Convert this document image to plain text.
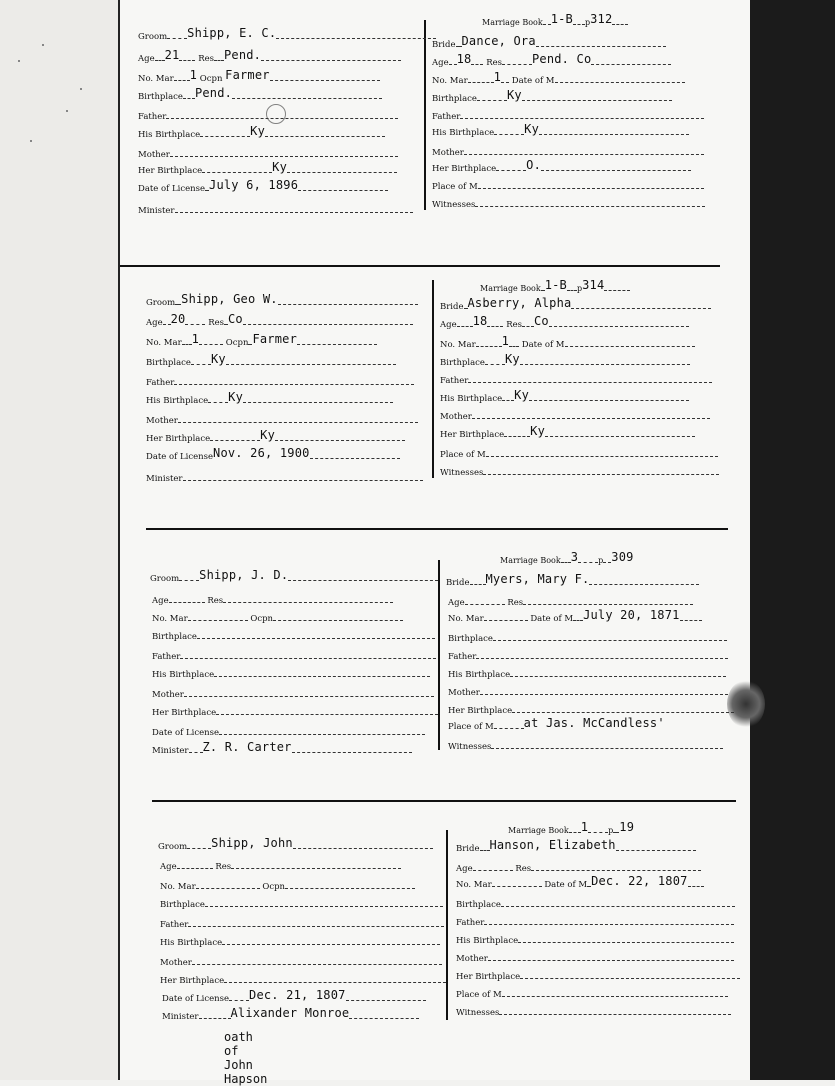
Groom Shipp, E. C.
Age 21 Res Pend.
No. Mar 1 Ocpn Farmer
Birthplace Pend.
Father
His Birthplace	Ky
Mother
Her Birthplace	Ky
Date of License July 6, 1896
Minister
Marriage Book 1-B p312
Bride Dance, Ora
Age 18 Res	Pend. Co
No. Mar 1 Date of M
Birthplace	Ky
Father
His Birthplace	Ky
Mother
Her Birthplace	O.
Place of M
Witnesses
Groom Shipp, Geo W.
Age 20	Res Co
No. Mar 1	Ocpn Farmer
Birthplace Ky
Father
His Birthplace Ky
Mother
Her Birthplace	Ky
Date of LicenseNov. 26, 1900
Minister
Marriage Book 1-B p314
Bride Asberry, Alpha
Age 18 Res Co
No. Mar 1 Date of M
Birthplace Ky
Father
His Birthplace Ky
Mother
Her Birthplace Ky
Place of M
Witnesses
Groom Shipp, J. D.
Age	Res
No. Mar	Ocpn
Birthplace
Father
His Birthplace
Mother
Her Birthplace
Date of License
Minister Z. R. Carter
Marriage Book 3	p 309
Bride Myers, Mary F.
Age	Res
No. Mar	Date of M July 20, 1871
Birthplace
Father
His Birthplace
Mother
Her Birthplace
Place of M	at Jas. McCandless'
Witnesses
Groom Shipp, John
Age	Res
No. Mar	Ocpn
Birthplace
Father
His Birthplace
Mother
Her Birthplace
Date of License Dec. 21, 1807
Minister	Alixander Monroe
oath of John Hapson
Marriage Book 1	p 19
Bride Hanson, Elizabeth
Age	Res
No. Mar	Date of M Dec. 22, 1807
Birthplace
Father
His Birthplace
Mother
Her Birthplace
Place of M
Witnesses
